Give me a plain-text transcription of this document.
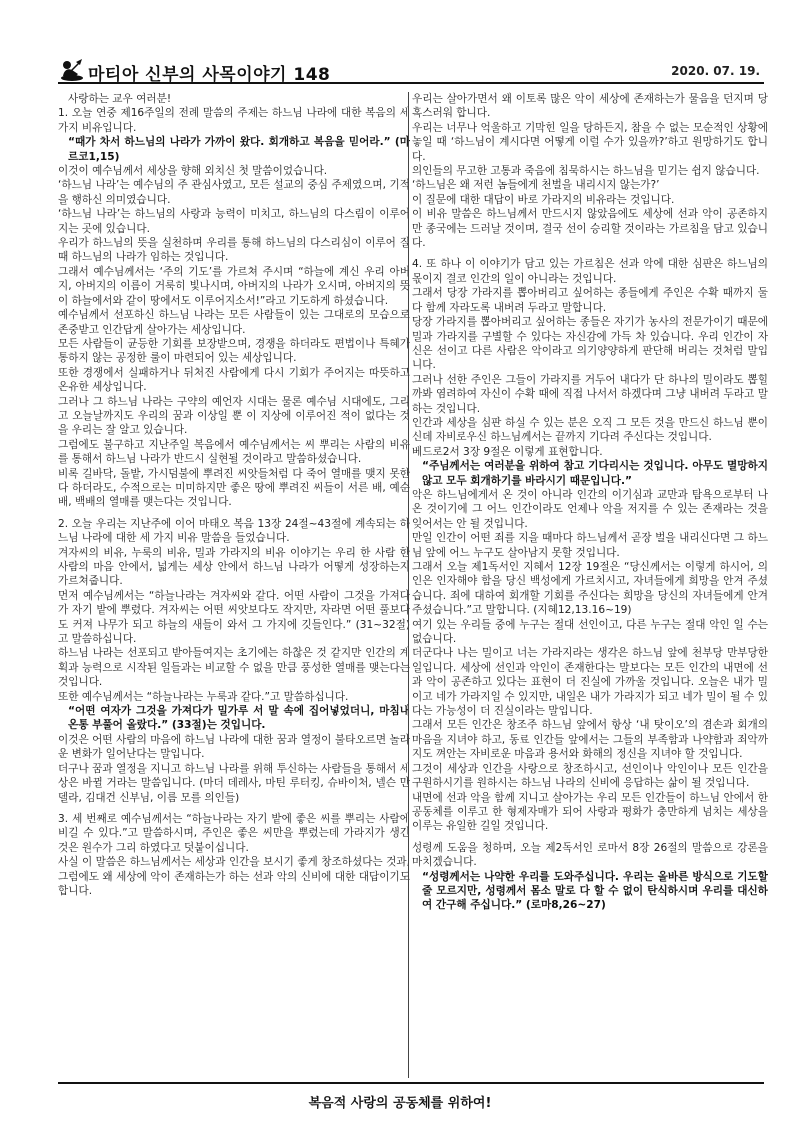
마티아 신부의 사목이야기 148	2020. 07. 19.

사랑하는 교우 여러분!

1. 오늘 연중 제16주일의 전례 말씀의 주제는 하느님 나라에 대한 복음의 세 가지 비유입니다.

“때가 차서 하느님의 나라가 가까이 왔다. 회개하고 복음을 믿어라.” (마르코1,15)

이것이 예수님께서 세상을 향해 외치신 첫 말씀이었습니다.

‘하느님 나라’는 예수님의 주 관심사였고, 모든 설교의 중심 주제였으며, 기적을 행하신 의미였습니다.

‘하느님 나라’는 하느님의 사랑과 능력이 미치고, 하느님의 다스림이 이루어지는 곳에 있습니다.

우리가 하느님의 뜻을 실천하며 우리를 통해 하느님의 다스리심이 이루어 질 때 하느님의 나라가 임하는 것입니다.

그래서 예수님께서는 ‘주의 기도’를 가르쳐 주시며 “하늘에 계신 우리 아버지, 아버지의 이름이 거룩히 빛나시며, 아버지의 나라가 오시며, 아버지의 뜻이 하늘에서와 같이 땅에서도 이루어지소서!”라고 기도하게 하셨습니다.

예수님께서 선포하신 하느님 나라는 모든 사람들이 있는 그대로의 모습으로 존중받고 인간답게 살아가는 세상입니다.

모든 사람들이 균등한 기회를 보장받으며, 경쟁을 하더라도 편법이나 특혜가 통하지 않는 공정한 룰이 마련되어 있는 세상입니다.

또한 경쟁에서 실패하거나 뒤처진 사람에게 다시 기회가 주어지는 따뜻하고 온유한 세상입니다.

그러나 그 하느님 나라는 구약의 예언자 시대는 물론 예수님 시대에도, 그리고 오늘날까지도 우리의 꿈과 이상일 뿐 이 지상에 이루어진 적이 없다는 것을 우리는 잘 알고 있습니다.

그럼에도 불구하고 지난주일 복음에서 예수님께서는 씨 뿌리는 사람의 비유를 통해서 하느님 나라가 반드시 실현될 것이라고 말씀하셨습니다.

비록 길바닥, 돌밭, 가시덤불에 뿌려진 씨앗들처럼 다 죽어 열매를 맺지 못한다 하더라도, 수적으로는 미미하지만 좋은 땅에 뿌려진 씨들이 서른 배, 예순 배, 백배의 열매를 맺는다는 것입니다.

2. 오늘 우리는 지난주에 이어 마태오 복음 13장 24절~43절에 계속되는 하느님 나라에 대한 세 가지 비유 말씀을 들었습니다.

겨자씨의 비유, 누룩의 비유, 밀과 가라지의 비유 이야기는 우리 한 사람 한 사람의 마음 안에서, 넓게는 세상 안에서 하느님 나라가 어떻게 성장하는지 가르쳐줍니다.

먼저 예수님께서는 “하늘나라는 겨자씨와 같다. 어떤 사람이 그것을 가져다가 자기 밭에 뿌렸다. 겨자씨는 어떤 씨앗보다도 작지만, 자라면 어떤 풀보다도 커져 나무가 되고 하늘의 새들이 와서 그 가지에 깃들인다.” (31~32절)고 말씀하십니다.

하느님 나라는 선포되고 받아들여지는 초기에는 하찮은 것 같지만 인간의 계획과 능력으로 시작된 일들과는 비교할 수 없을 만큼 풍성한 열매를 맺는다는 것입니다.

또한 예수님께서는 “하늘나라는 누룩과 같다.”고 말씀하십니다.

“어떤 여자가 그것을 가져다가 밀가루 서 말 속에 집어넣었더니, 마침내 온통 부풀어 올랐다.” (33절)는 것입니다.

이것은 어떤 사람의 마음에 하느님 나라에 대한 꿈과 열정이 불타오르면 놀라운 변화가 일어난다는 말입니다.

더구나 꿈과 열정을 지니고 하느님 나라를 위해 투신하는 사람들을 통해서 세상은 바뀔 거라는 말씀입니다. (마더 데레사, 마틴 루터킹, 슈바이처, 넬슨 만델라, 김대건 신부님, 이름 모를 의인들)

3. 세 번째로 예수님께서는 “하늘나라는 자기 밭에 좋은 씨를 뿌리는 사람에 비길 수 있다.”고 말씀하시며, 주인은 좋은 씨만을 뿌렸는데 가라지가 생긴 것은 원수가 그리 하였다고 덧붙이십니다.

사실 이 말씀은 하느님께서는 세상과 인간을 보시기 좋게 창조하셨다는 것과, 그럼에도 왜 세상에 악이 존재하는가 하는 선과 악의 신비에 대한 대답이기도 합니다.

우리는 살아가면서 왜 이토록 많은 악이 세상에 존재하는가 물음을 던지며 당혹스러워 합니다.

우리는 너무나 억울하고 기막힌 일을 당하든지, 참을 수 없는 모순적인 상황에 놓일 때 ‘하느님이 계시다면 어떻게 이럴 수가 있을까?’하고 원망하기도 합니다.

의인들의 무고한 고통과 죽음에 침묵하시는 하느님을 믿기는 쉽지 않습니다.

‘하느님은 왜 저런 놈들에게 천벌을 내리시지 않는가?’

이 질문에 대한 대답이 바로 가라지의 비유라는 것입니다.

이 비유 말씀은 하느님께서 만드시지 않았음에도 세상에 선과 악이 공존하지만 종국에는 드러날 것이며, 결국 선이 승리할 것이라는 가르침을 담고 있습니다.

4. 또 하나 이 이야기가 담고 있는 가르침은 선과 악에 대한 심판은 하느님의 몫이지 결코 인간의 일이 아니라는 것입니다.

그래서 당장 가라지를 뽑아버리고 싶어하는 종들에게 주인은 수확 때까지 둘 다 함께 자라도록 내버려 두라고 말합니다.

당장 가라지를 뽑아버리고 싶어하는 종들은 자기가 농사의 전문가이기 때문에 밀과 가라지를 구별할 수 있다는 자신감에 가득 차 있습니다. 우리 인간이 자신은 선이고 다른 사람은 악이라고 의기양양하게 판단해 버리는 것처럼 말입니다.

그러나 선한 주인은 그들이 가라지를 거두어 내다가 단 하나의 밀이라도 뽑힐까봐 염려하여 자신이 수확 때에 직접 나서서 하겠다며 그냥 내버려 두라고 말하는 것입니다.

인간과 세상을 심판 하실 수 있는 분은 오직 그 모든 것을 만드신 하느님 뿐이신데 자비로우신 하느님께서는 끝까지 기다려 주신다는 것입니다.

베드로2서 3장 9절은 이렇게 표현합니다.

“주님께서는 여러분을 위하여 참고 기다리시는 것입니다. 아무도 멸망하지 않고 모두 회개하기를 바라시기 때문입니다.”

악은 하느님에게서 온 것이 아니라 인간의 이기심과 교만과 탐욕으로부터 나온 것이기에 그 어느 인간이라도 언제나 악을 저지를 수 있는 존재라는 것을 잊어서는 안 될 것입니다.

만일 인간이 어떤 죄를 지을 때마다 하느님께서 곧장 벌을 내리신다면 그 하느님 앞에 어느 누구도 살아남지 못할 것입니다.

그래서 오늘 제1독서인 지혜서 12장 19절은 “당신께서는 이렇게 하시어, 의인은 인자해야 함을 당신 백성에게 가르치시고, 자녀들에게 희망을 안겨 주셨습니다. 죄에 대하여 회개할 기회를 주신다는 희망을 당신의 자녀들에게 안겨 주셨습니다.”고 말합니다. (지혜12,13.16~19)

여기 있는 우리들 중에 누구는 절대 선인이고, 다른 누구는 절대 악인 일 수는 없습니다.

더군다나 나는 밀이고 너는 가라지라는 생각은 하느님 앞에 천부당 만부당한 일입니다. 세상에 선인과 악인이 존재한다는 말보다는 모든 인간의 내면에 선과 악이 공존하고 있다는 표현이 더 진실에 가까울 것입니다. 오늘은 내가 밀이고 네가 가라지일 수 있지만, 내일은 내가 가라지가 되고 네가 밀이 될 수 있다는 가능성이 더 진실이라는 말입니다.

그래서 모든 인간은 창조주 하느님 앞에서 항상 ‘내 탓이오’의 겸손과 회개의 마음을 지녀야 하고, 동료 인간들 앞에서는 그들의 부족함과 나약함과 죄악까지도 껴안는 자비로운 마음과 용서와 화해의 정신을 지녀야 할 것입니다.

그것이 세상과 인간을 사랑으로 창조하시고, 선인이나 악인이나 모든 인간을 구원하시기를 원하시는 하느님 나라의 신비에 응답하는 삶이 될 것입니다.

내면에 선과 악을 함께 지니고 살아가는 우리 모든 인간들이 하느님 안에서 한 공동체를 이루고 한 형제자매가 되어 사랑과 평화가 충만하게 넘치는 세상을 이루는 유일한 길일 것입니다.

성령께 도움을 청하며, 오늘 제2독서인 로마서 8장 26절의 말씀으로 강론을 마치겠습니다.

“성령께서는 나약한 우리를 도와주십니다. 우리는 올바른 방식으로 기도할 줄 모르지만, 성령께서 몸소 말로 다 할 수 없이 탄식하시며 우리를 대신하여 간구해 주십니다.” (로마8,26~27)

복음적 사랑의 공동체를 위하여!
